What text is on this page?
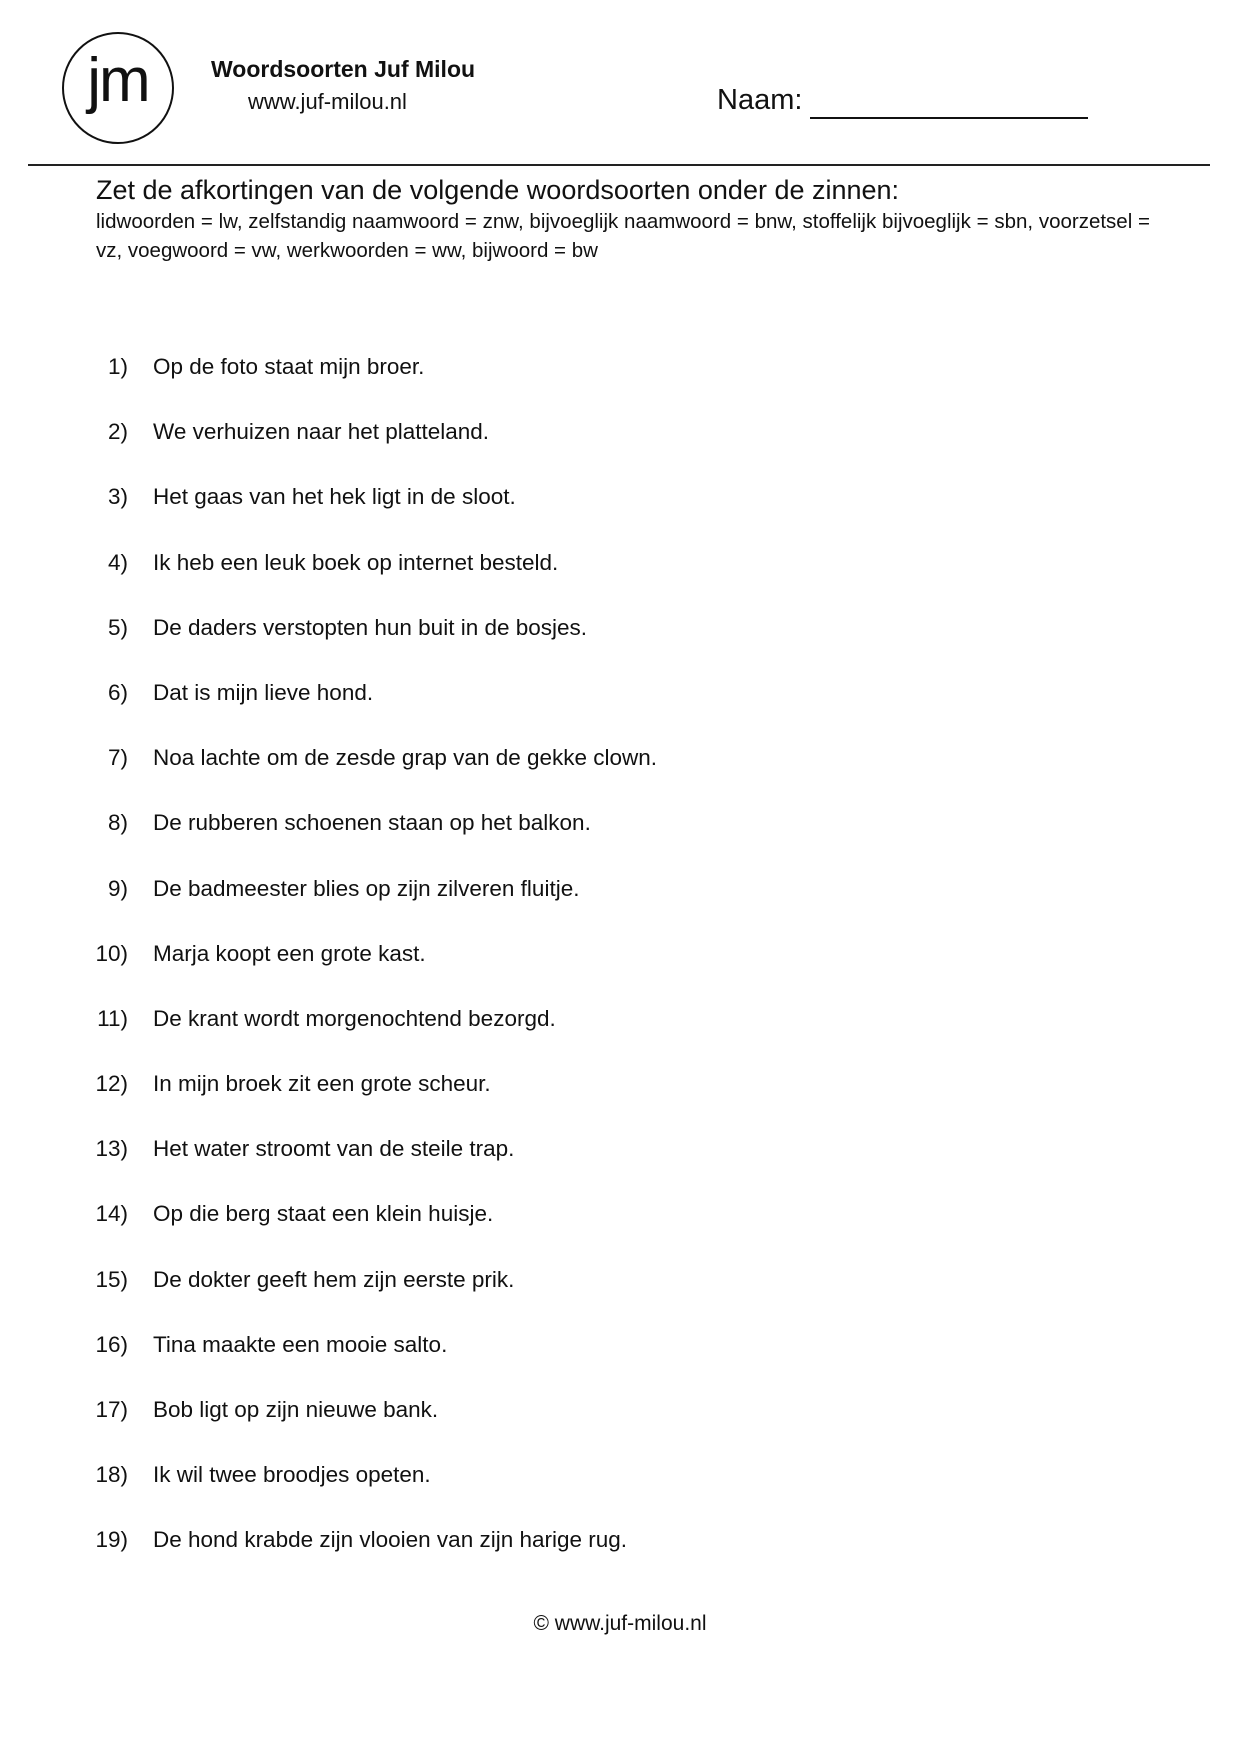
jm	Woordsoorten Juf Milou
www.juf-milou.nl	Naam:
Zet de afkortingen van de volgende woordsoorten onder de zinnen:
lidwoorden = lw, zelfstandig naamwoord = znw, bijvoeglijk naamwoord = bnw, stoffelijk bijvoeglijk = sbn, voorzetsel = vz, voegwoord = vw, werkwoorden = ww, bijwoord = bw
1) Op de foto staat mijn broer.
2) We verhuizen naar het platteland.
3) Het gaas van het hek ligt in de sloot.
4) Ik heb een leuk boek op internet besteld.
5) De daders verstopten hun buit in de bosjes.
6) Dat is mijn lieve hond.
7) Noa lachte om de zesde grap van de gekke clown.
8) De rubberen schoenen staan op het balkon.
9) De badmeester blies op zijn zilveren fluitje.
10) Marja koopt een grote kast.
11) De krant wordt morgenochtend bezorgd.
12) In mijn broek zit een grote scheur.
13) Het water stroomt van de steile trap.
14) Op die berg staat een klein huisje.
15) De dokter geeft hem zijn eerste prik.
16) Tina maakte een mooie salto.
17) Bob ligt op zijn nieuwe bank.
18) Ik wil twee broodjes opeten.
19) De hond krabde zijn vlooien van zijn harige rug.
© www.juf-milou.nl
